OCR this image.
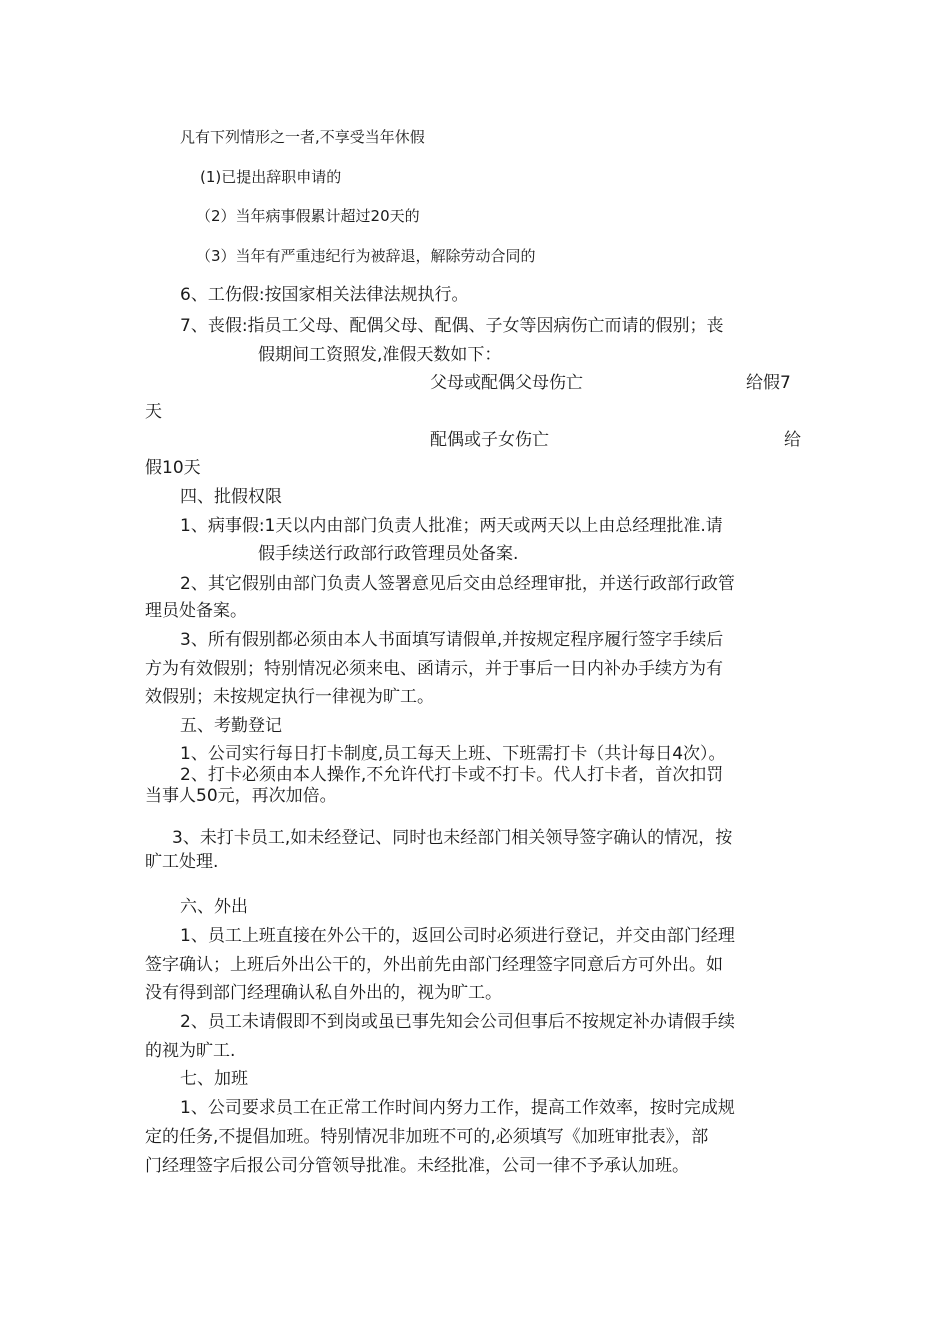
凡有下列情形之一者,不享受当年休假

(1)已提出辞职申请的

（2）当年病事假累计超过20天的

（3）当年有严重违纪行为被辞退，解除劳动合同的

6、工伤假:按国家相关法律法规执行。

7、丧假:指员工父母、配偶父母、配偶、子女等因病伤亡而请的假别；丧

假期间工资照发,准假天数如下：

父母或配偶父母伤亡	给假7

天

配偶或子女伤亡	给

假10天

四、批假权限

1、病事假:1天以内由部门负责人批准；两天或两天以上由总经理批准.请

假手续送行政部行政管理员处备案.

2、其它假别由部门负责人签署意见后交由总经理审批，并送行政部行政管

理员处备案。

3、所有假别都必须由本人书面填写请假单,并按规定程序履行签字手续后

方为有效假别；特别情况必须来电、函请示，并于事后一日内补办手续方为有

效假别；未按规定执行一律视为旷工。

五、考勤登记

1、公司实行每日打卡制度,员工每天上班、下班需打卡（共计每日4次）。

2、打卡必须由本人操作,不允许代打卡或不打卡。代人打卡者，首次扣罚

当事人50元，再次加倍。

3、未打卡员工,如未经登记、同时也未经部门相关领导签字确认的情况，按

旷工处理.

六、外出

1、员工上班直接在外公干的，返回公司时必须进行登记，并交由部门经理

签字确认；上班后外出公干的，外出前先由部门经理签字同意后方可外出。如

没有得到部门经理确认私自外出的，视为旷工。

2、员工未请假即不到岗或虽已事先知会公司但事后不按规定补办请假手续

的视为旷工.

七、加班

1、公司要求员工在正常工作时间内努力工作，提高工作效率，按时完成规

定的任务,不提倡加班。特别情况非加班不可的,必须填写《加班审批表》，部

门经理签字后报公司分管领导批准。未经批准，公司一律不予承认加班。
